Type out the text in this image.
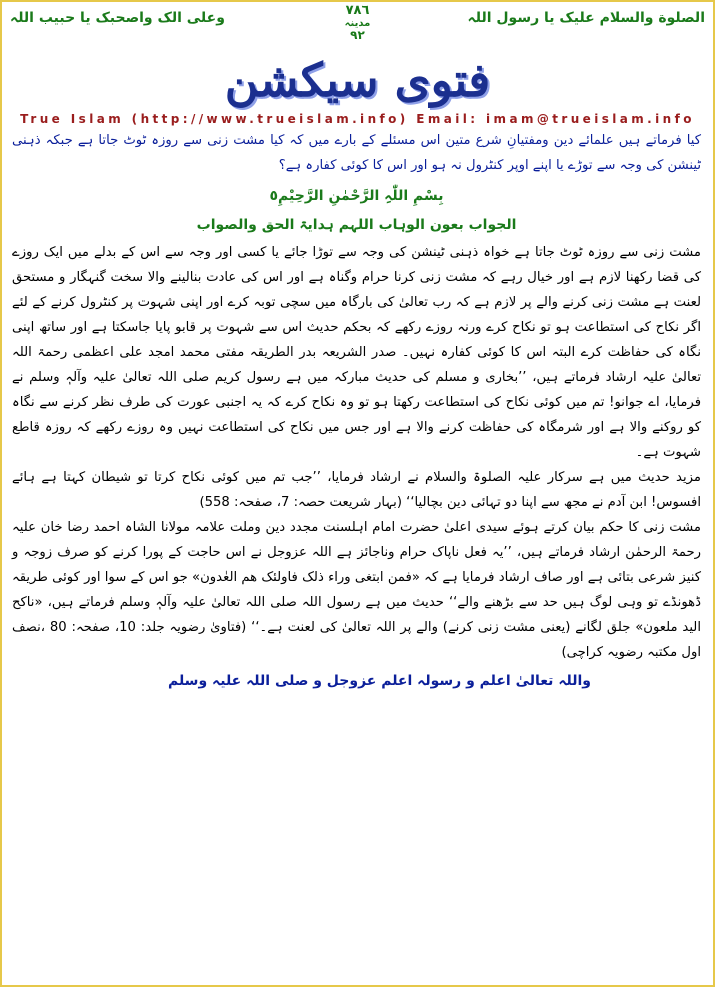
الصلوة والسلام علیک یا رسول اللہ
٧٨٦
مدینہ
٩٢
وعلی الک واصحبک یا حبیب اللہ
فتوی سیکشن
True Islam (http://www.trueislam.info) Email: imam@trueislam.info

کیا فرماتے ہیں علمائے دین ومفتیانِ شرع متین اس مسئلے کے بارے میں کہ کیا مشت زنی سے روزہ ٹوٹ جاتا ہے جبکہ ذہنی ٹینشن کی وجہ سے توڑے یا اپنے اوپر کنٹرول نہ ہو اور اس کا کوئی کفارہ ہے؟

بِسْمِ اللّٰہِ الرَّحْمٰنِ الرَّحِیْمِ٥
الجواب بعون الوہاب اللہم ہدایۃ الحق والصواب

مشت زنی سے روزہ ٹوٹ جاتا ہے خواہ ذہنی ٹینشن کی وجہ سے توڑا جائے یا کسی اور وجہ سے اس کے بدلے میں ایک روزے کی قضا رکھنا لازم ہے اور خیال رہے کہ مشت زنی کرنا حرام وگناہ ہے اور اس کی عادت بنالینے والا سخت گنہگار و مستحق لعنت ہے مشت زنی کرنے والے پر لازم ہے کہ رب تعالیٰ کی بارگاہ میں سچی توبہ کرے اور اپنی شہوت پر کنٹرول کرنے کے لئے اگر نکاح کی استطاعت ہو تو نکاح کرے ورنہ روزے رکھے کہ بحکم حدیث اس سے شہوت پر قابو پایا جاسکتا ہے اور ساتھ اپنی نگاہ کی حفاظت کرے البتہ اس کا کوئی کفارہ نہیں۔ صدر الشریعہ بدر الطریقہ مفتی محمد امجد علی اعظمی رحمۃ اللہ تعالیٰ علیہ ارشاد فرماتے ہیں، ’’بخاری و مسلم کی حدیث مبارکہ میں ہے رسول کریم صلی اللہ تعالیٰ علیہ وآلہٖ وسلم نے فرمایا، اے جوانو! تم میں کوئی نکاح کی استطاعت رکھتا ہو تو وہ نکاح کرے کہ یہ اجنبی عورت کی طرف نظر کرنے سے نگاہ کو روکنے والا ہے اور شرمگاہ کی حفاظت کرنے والا ہے اور جس میں نکاح کی استطاعت نہیں وہ روزے رکھے کہ روزہ قاطع شہوت ہے۔

مزید حدیث میں ہے سرکار علیہ الصلوۃ والسلام نے ارشاد فرمایا، ’’جب تم میں کوئی نکاح کرتا تو شیطان کہتا ہے ہائے افسوس! ابن آدم نے مجھ سے اپنا دو تہائی دین بچالیا‘‘ (بہار شریعت حصہ: 7، صفحہ: 558)

مشت زنی کا حکم بیان کرتے ہوئے سیدی اعلیٰ حضرت امام اہلسنت مجدد دین وملت علامہ مولانا الشاہ احمد رضا خان علیہ رحمۃ الرحمٰن ارشاد فرماتے ہیں، ’’یہ فعل ناپاک حرام وناجائز ہے اللہ عزوجل نے اس حاجت کے پورا کرنے کو صرف زوجہ و کنیز شرعی بتائی ہے اور صاف ارشاد فرمایا ہے کہ «فمن ابتغی وراء ذلک فاولئک ھم العٰدون» جو اس کے سوا اور کوئی طریقہ ڈھونڈے تو وہی لوگ ہیں حد سے بڑھنے والے‘‘ حدیث میں ہے رسول اللہ صلی اللہ تعالیٰ علیہ وآلہٖ وسلم فرماتے ہیں، «ناکح الید ملعون» جلق لگانے (یعنی مشت زنی کرنے) والے پر اللہ تعالیٰ کی لعنت ہے۔‘‘ (فتاویٰ رضویہ جلد: 10، صفحہ: 80 ،نصف اول مکتبہ رضویہ کراچی)

واللہ تعالیٰ اعلم و رسولہ اعلم عزوجل و صلی اللہ علیہ وسلم
